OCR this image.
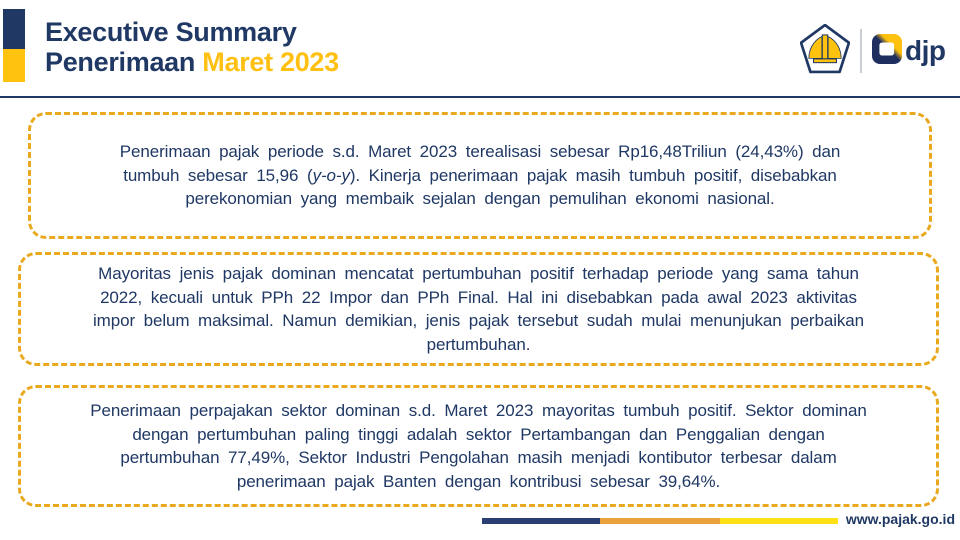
Executive Summary
Penerimaan Maret 2023	djp
Penerimaan pajak periode s.d. Maret 2023 terealisasi sebesar Rp16,48Triliun (24,43%) dan
tumbuh sebesar 15,96 (y-o-y). Kinerja penerimaan pajak masih tumbuh positif, disebabkan
perekonomian yang membaik sejalan dengan pemulihan ekonomi nasional.
Mayoritas jenis pajak dominan mencatat pertumbuhan positif terhadap periode yang sama tahun
2022, kecuali untuk PPh 22 Impor dan PPh Final. Hal ini disebabkan pada awal 2023 aktivitas
impor belum maksimal. Namun demikian, jenis pajak tersebut sudah mulai menunjukan perbaikan
pertumbuhan.
Penerimaan perpajakan sektor dominan s.d. Maret 2023 mayoritas tumbuh positif. Sektor dominan
dengan pertumbuhan paling tinggi adalah sektor Pertambangan dan Penggalian dengan
pertumbuhan 77,49%, Sektor Industri Pengolahan masih menjadi kontibutor terbesar dalam
penerimaan pajak Banten dengan kontribusi sebesar 39,64%.
www.pajak.go.id
